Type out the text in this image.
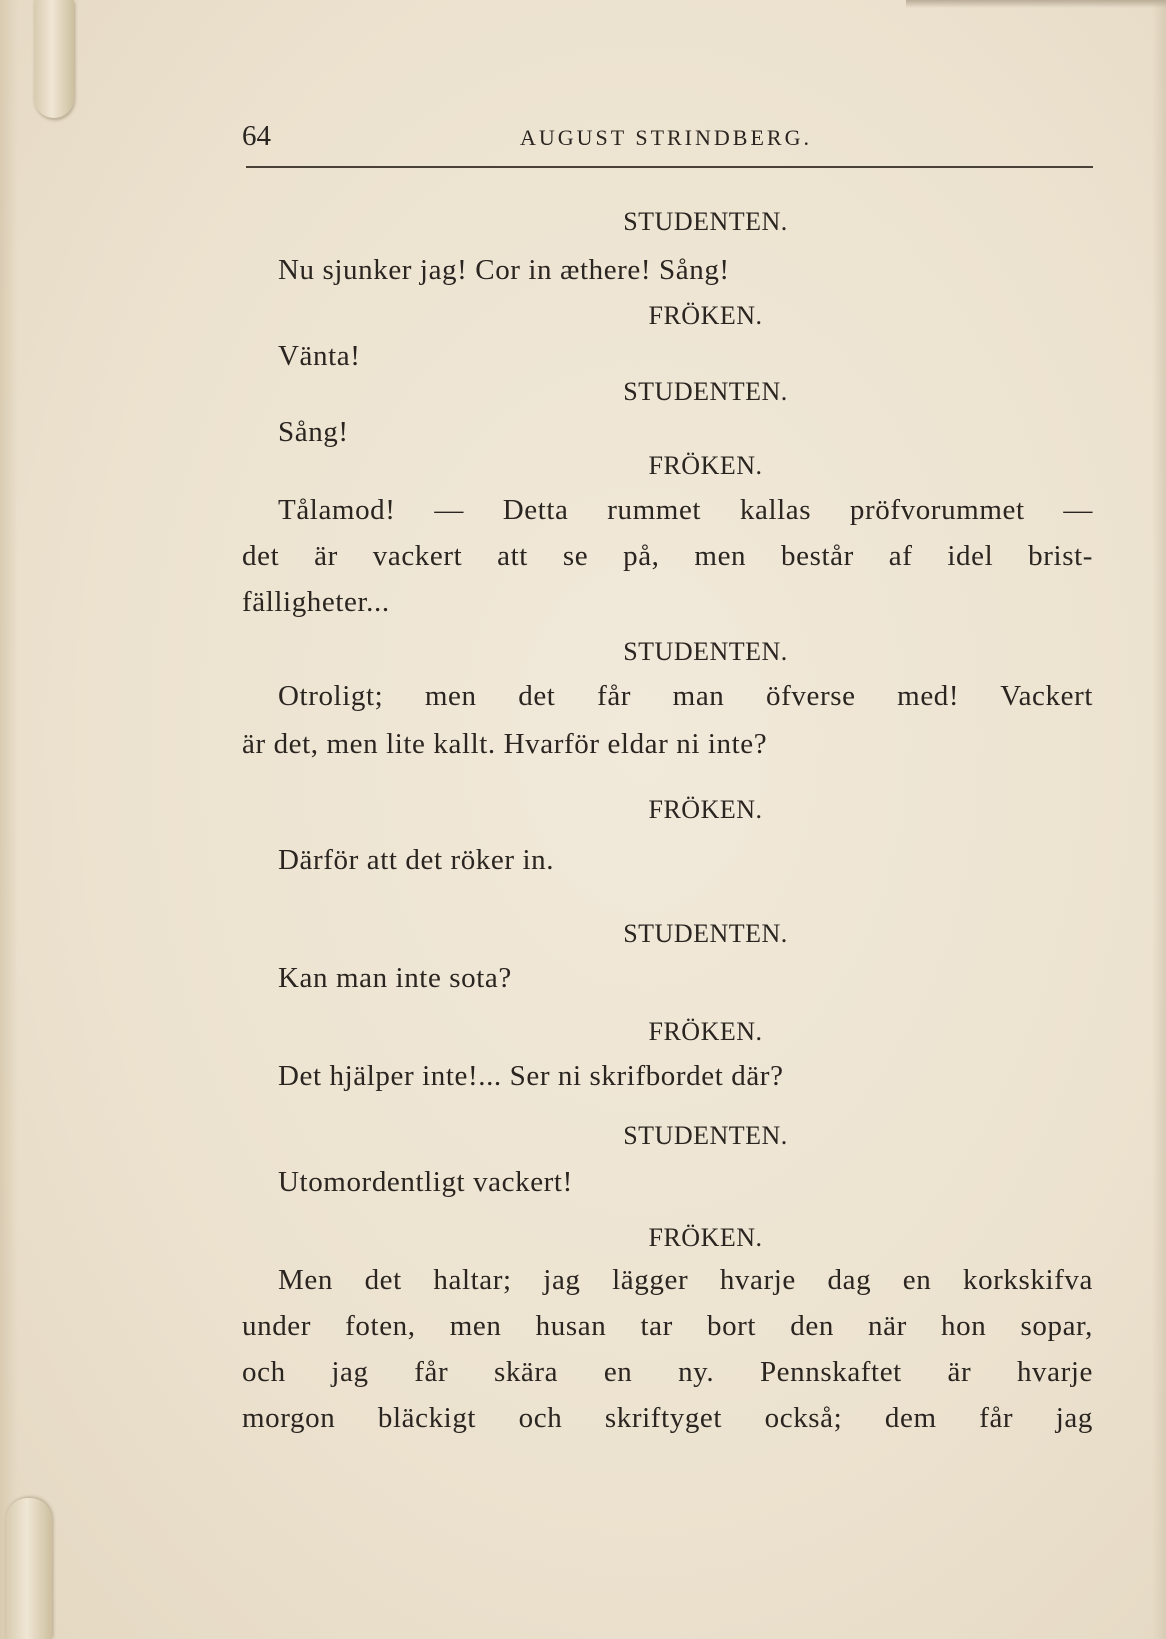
64	AUGUST STRINDBERG.
STUDENTEN.
Nu sjunker jag! Cor in æthere! Sång!
FRÖKEN.
Vänta!
STUDENTEN.
Sång!
FRÖKEN.
Tålamod! — Detta rummet kallas pröfvorummet —
det är vackert att se på, men består af idel brist-
fälligheter...
STUDENTEN.
Otroligt; men det får man öfverse med! Vackert
är det, men lite kallt. Hvarför eldar ni inte?
FRÖKEN.
Därför att det röker in.
STUDENTEN.
Kan man inte sota?
FRÖKEN.
Det hjälper inte!... Ser ni skrifbordet där?
STUDENTEN.
Utomordentligt vackert!
FRÖKEN.
Men det haltar; jag lägger hvarje dag en korkskifva
under foten, men husan tar bort den när hon sopar,
och jag får skära en ny. Pennskaftet är hvarje
morgon bläckigt och skriftyget också; dem får jag
